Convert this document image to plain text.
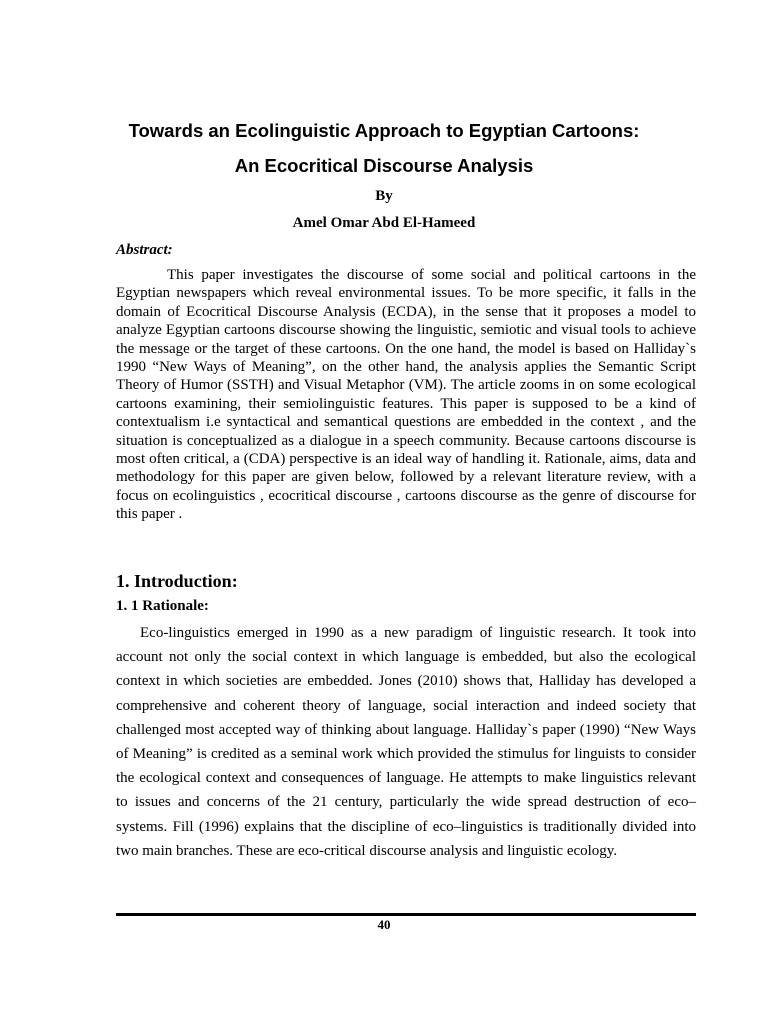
Towards an Ecolinguistic Approach to Egyptian Cartoons:
An Ecocritical Discourse Analysis

By

Amel Omar Abd El-Hameed

Abstract:

This paper investigates the discourse of some social and political cartoons in the Egyptian newspapers which reveal environmental issues. To be more specific, it falls in the domain of Ecocritical Discourse Analysis (ECDA), in the sense that it proposes a model to analyze Egyptian cartoons discourse showing the linguistic, semiotic and visual tools to achieve the message or the target of these cartoons. On the one hand, the model is based on Halliday`s 1990 “New Ways of Meaning”, on the other hand, the analysis applies the Semantic Script Theory of Humor (SSTH) and Visual Metaphor (VM). The article zooms in on some ecological cartoons examining, their semiolinguistic features. This paper is supposed to be a kind of contextualism i.e syntactical and semantical questions are embedded in the context , and the situation is conceptualized as a dialogue in a speech community. Because cartoons discourse is most often critical, a (CDA) perspective is an ideal way of handling it. Rationale, aims, data and methodology for this paper are given below, followed by a relevant literature review, with a focus on ecolinguistics , ecocritical discourse , cartoons discourse as the genre of discourse for this paper .

1. Introduction:
1. 1 Rationale:

Eco-linguistics emerged in 1990 as a new paradigm of linguistic research. It took into account not only the social context in which language is embedded, but also the ecological context in which societies are embedded. Jones (2010) shows that, Halliday has developed a comprehensive and coherent theory of language, social interaction and indeed society that challenged most accepted way of thinking about language. Halliday`s paper (1990) “New Ways of Meaning” is credited as a seminal work which provided the stimulus for linguists to consider the ecological context and consequences of language. He attempts to make linguistics relevant to issues and concerns of the 21 century, particularly the wide spread destruction of eco–systems. Fill (1996) explains that the discipline of eco–linguistics is traditionally divided into two main branches. These are eco-critical discourse analysis and linguistic ecology.

40
